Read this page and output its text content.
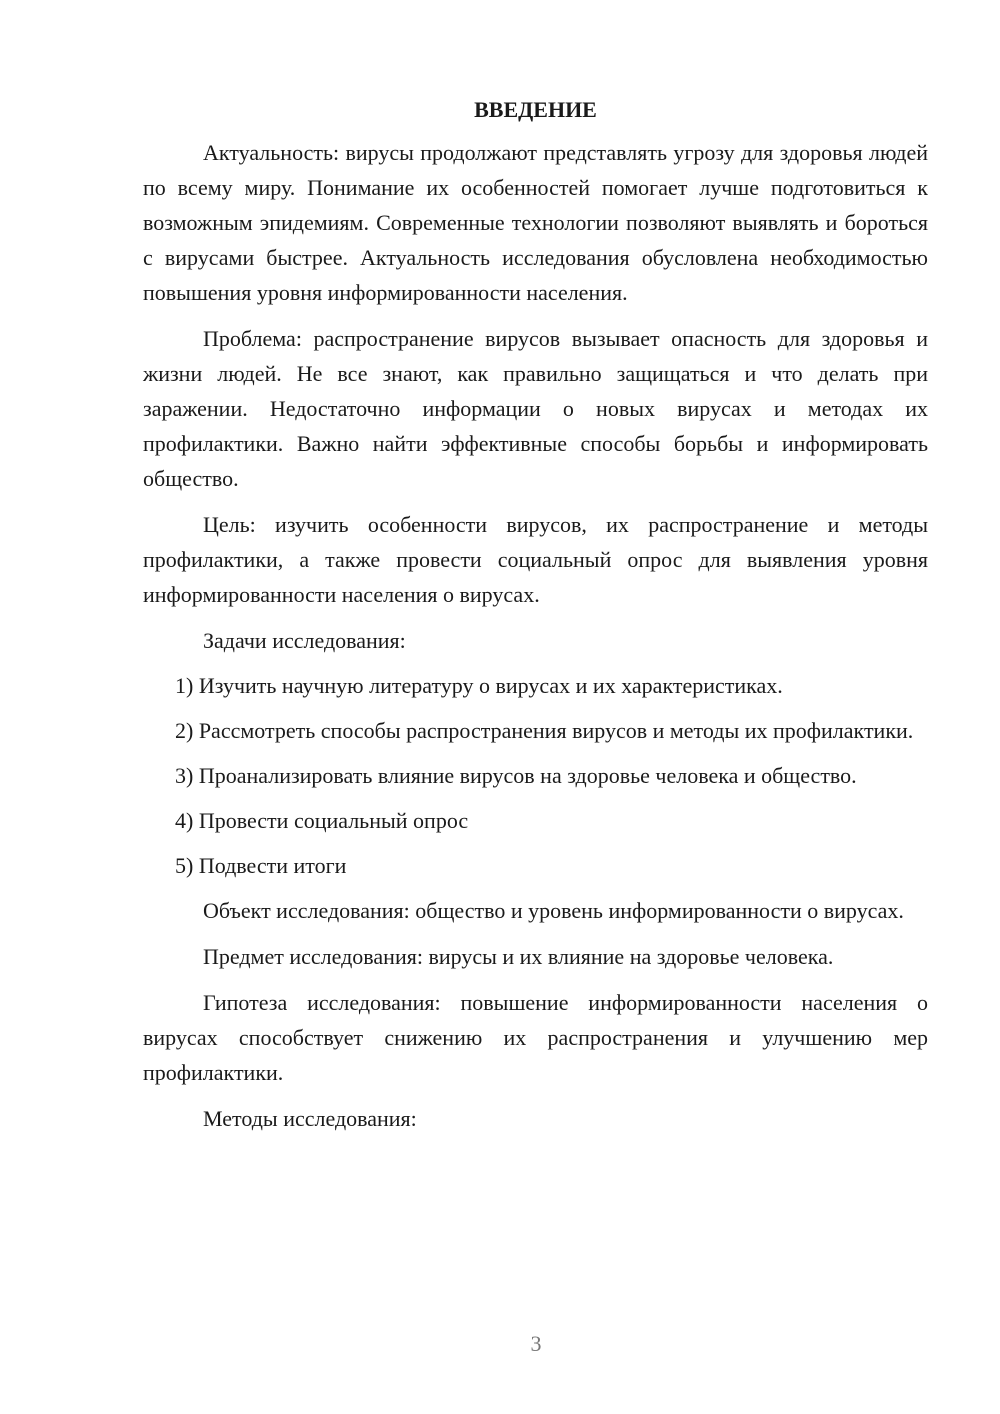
ВВЕДЕНИЕ

Актуальность: вирусы продолжают представлять угрозу для здоровья людей по всему миру. Понимание их особенностей помогает лучше подготовиться к возможным эпидемиям. Современные технологии позволяют выявлять и бороться с вирусами быстрее. Актуальность исследования обусловлена необходимостью повышения уровня информированности населения.

Проблема: распространение вирусов вызывает опасность для здоровья и жизни людей. Не все знают, как правильно защищаться и что делать при заражении. Недостаточно информации о новых вирусах и методах их профилактики. Важно найти эффективные способы борьбы и информировать общество.

Цель: изучить особенности вирусов, их распространение и методы профилактики, а также провести социальный опрос для выявления уровня информированности населения о вирусах.

Задачи исследования:

1) Изучить научную литературу о вирусах и их характеристиках.

2) Рассмотреть способы распространения вирусов и методы их профилактики.

3) Проанализировать влияние вирусов на здоровье человека и общество.

4) Провести социальный опрос

5) Подвести итоги

Объект исследования: общество и уровень информированности о вирусах.

Предмет исследования: вирусы и их влияние на здоровье человека.

Гипотеза исследования: повышение информированности населения о вирусах способствует снижению их распространения и улучшению мер профилактики.

Методы исследования:

3
